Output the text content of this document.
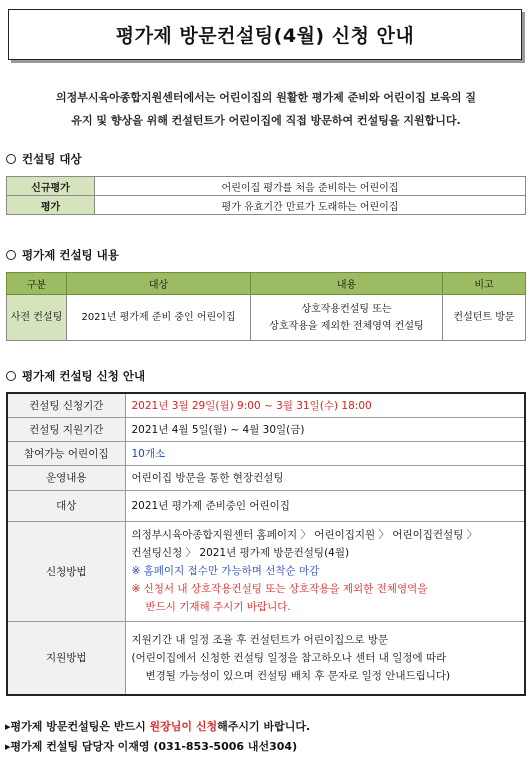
평가제 방문컨설팅(4월) 신청 안내
의정부시육아종합지원센터에서는 어린이집의 원활한 평가제 준비와 어린이집 보육의 질
유지 및 향상을 위해 컨설턴트가 어린이집에 직접 방문하여 컨설팅을 지원합니다.
컨설팅 대상
신규평가	어린이집 평가를 처음 준비하는 어린이집
평가	평가 유효기간 만료가 도래하는 어린이집
평가제 컨설팅 내용
구분	대상	내용	비고
사전 컨설팅	2021년 평가제 준비 중인 어린이집	상호작용컨설팅 또는
상호작용을 제외한 전체영역 컨설팅	컨설턴트 방문
평가제 컨설팅 신청 안내
컨설팅 신청기간	2021년 3월 29일(월) 9:00 ~ 3월 31일(수) 18:00
컨설팅 지원기간	2021년 4월 5일(월) ~ 4월 30일(금)
참여가능 어린이집	10개소
운영내용	어린이집 방문을 통한 현장컨설팅
대상	2021년 평가제 준비중인 어린이집
신청방법	의정부시육아종합지원센터 홈페이지 〉 어린이집지원 〉 어린이집컨설팅 〉
컨설팅신청 〉 2021년 평가제 방문컨설팅(4월)
※ 홈페이지 접수만 가능하며 선착순 마감
※ 신청서 내 상호작용컨설팅 또는 상호작용을 제외한 전체영역을
반드시 기재해 주시기 바랍니다.

지원방법	지원기간 내 일정 조율 후 컨설턴트가 어린이집으로 방문
(어린이집에서 신청한 컨설팅 일정을 참고하오나 센터 내 일정에 따라
변경될 가능성이 있으며 컨설팅 배치 후 문자로 일정 안내드립니다)
▸평가제 방문컨설팅은 반드시 원장님이 신청해주시기 바랍니다.
▸평가제 컨설팅 담당자 이재영 (031-853-5006 내선304)
